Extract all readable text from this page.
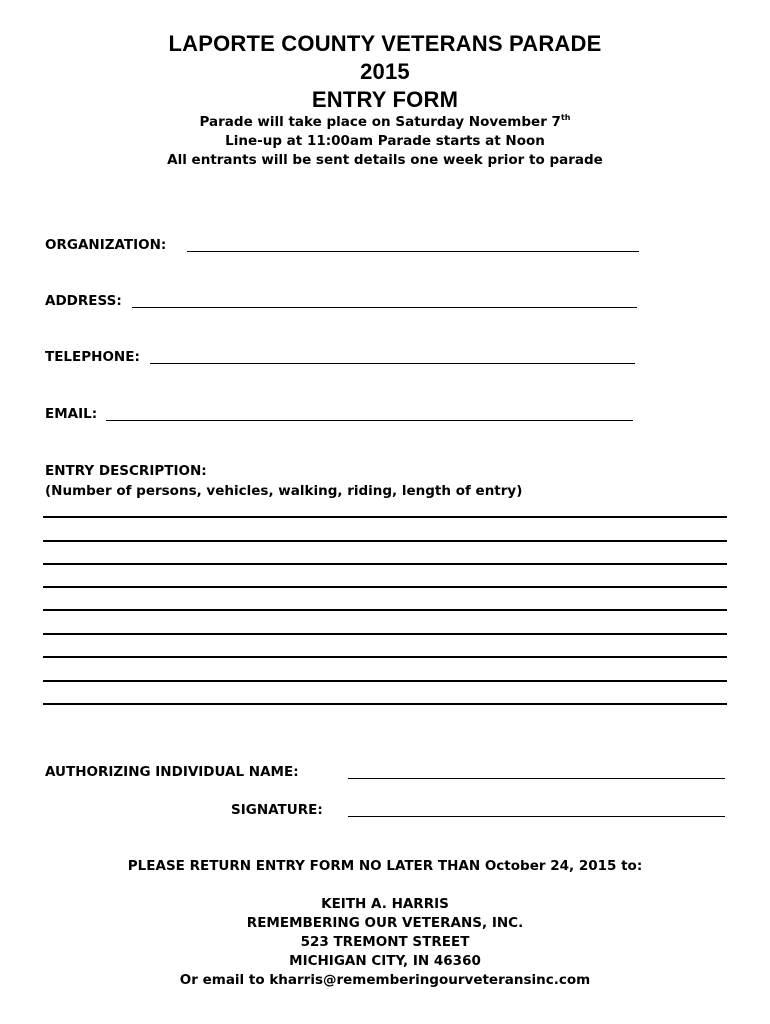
LAPORTE COUNTY VETERANS PARADE
2015
ENTRY FORM
Parade will take place on Saturday November 7th
Line-up at 11:00am Parade starts at Noon
All entrants will be sent details one week prior to parade
ORGANIZATION:
ADDRESS:
TELEPHONE:
EMAIL:
ENTRY DESCRIPTION:
(Number of persons, vehicles, walking, riding, length of entry)
AUTHORIZING INDIVIDUAL NAME:
SIGNATURE:
PLEASE RETURN ENTRY FORM NO LATER THAN October 24, 2015 to:
KEITH A. HARRIS
REMEMBERING OUR VETERANS, INC.
523 TREMONT STREET
MICHIGAN CITY, IN 46360
Or email to kharris@rememberingourveteransinc.com
